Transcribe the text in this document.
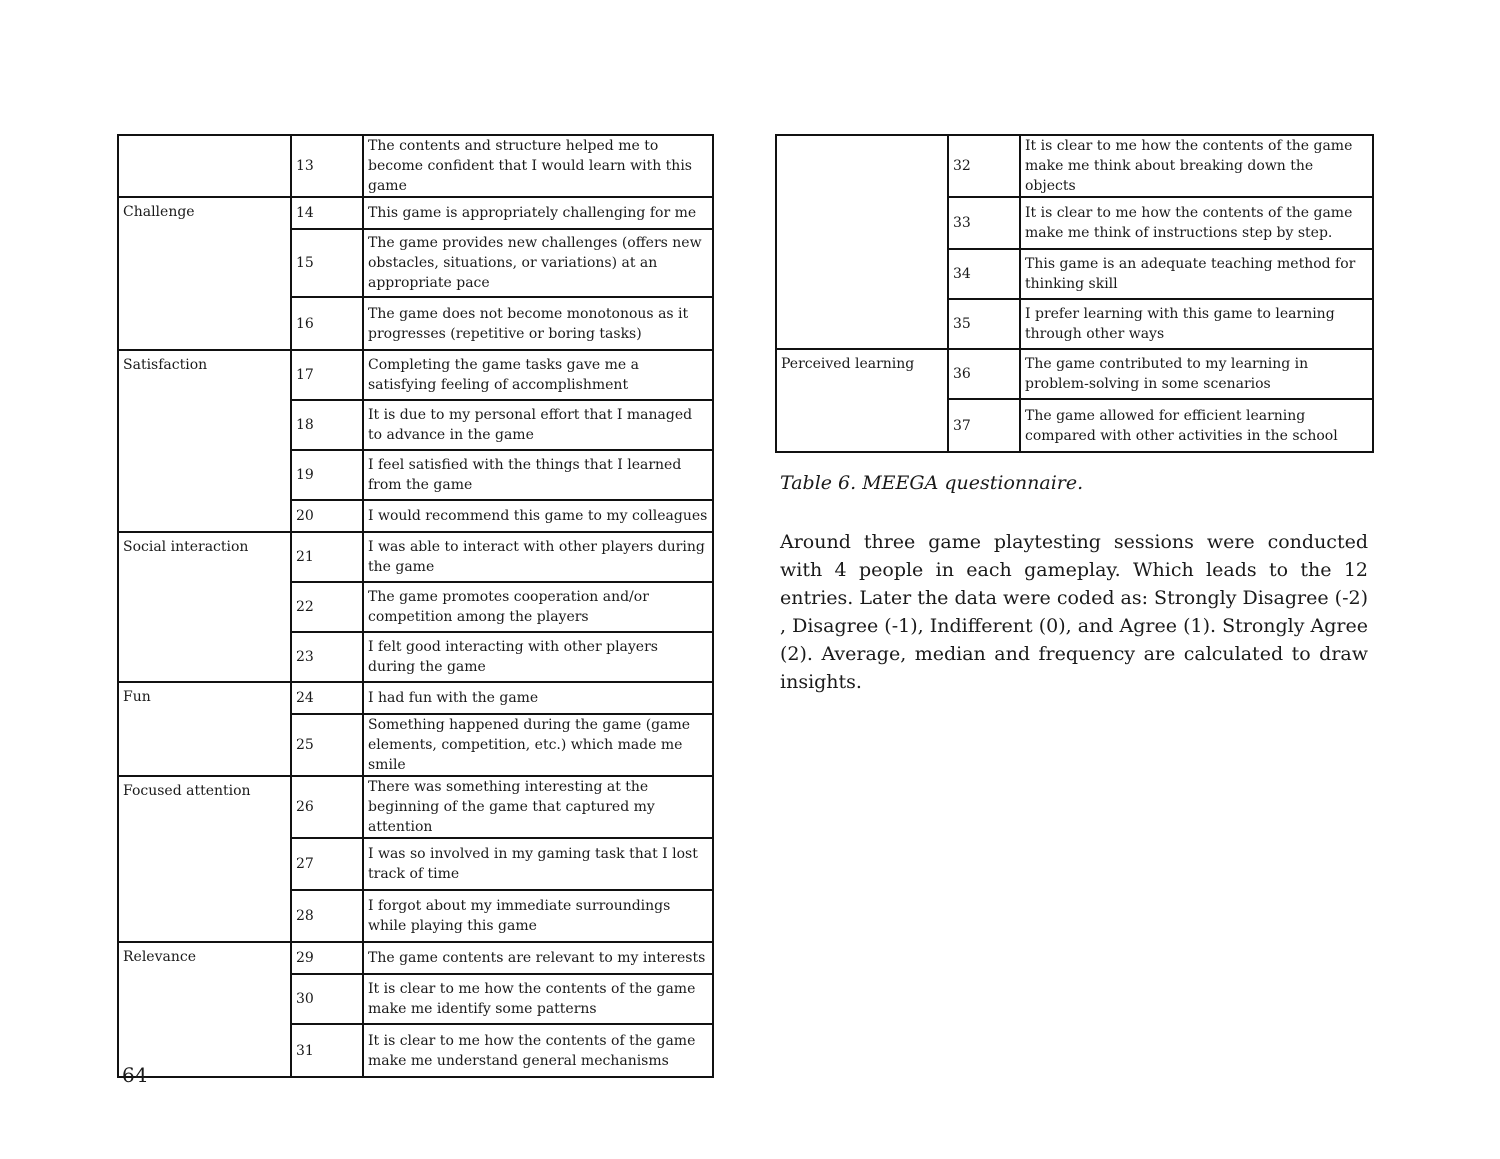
	13	The contents and structure helped me to become confident that I would learn with this game
Challenge	14	This game is appropriately challenging for me
	15	The game provides new challenges (offers new obstacles, situations, or variations) at an appropriate pace
	16	The game does not become monotonous as it progresses (repetitive or boring tasks)
Satisfaction	17	Completing the game tasks gave me a satisfying feeling of accomplishment
	18	It is due to my personal effort that I managed to advance in the game
	19	I feel satisfied with the things that I learned from the game
	20	I would recommend this game to my colleagues
Social interaction	21	I was able to interact with other players during the game
	22	The game promotes cooperation and/or competition among the players
	23	I felt good interacting with other players during the game
Fun	24	I had fun with the game
	25	Something happened during the game (game elements, competition, etc.) which made me smile
Focused attention	26	There was something interesting at the beginning of the game that captured my attention
	27	I was so involved in my gaming task that I lost track of time
	28	I forgot about my immediate surroundings while playing this game
Relevance	29	The game contents are relevant to my interests
	30	It is clear to me how the contents of the game make me identify some patterns
	31	It is clear to me how the contents of the game make me understand general mechanisms
	32	It is clear to me how the contents of the game make me think about breaking down the objects
	33	It is clear to me how the contents of the game make me think of instructions step by step.
	34	This game is an adequate teaching method for thinking skill
	35	I prefer learning with this game to learning through other ways
Perceived learning	36	The game contributed to my learning in problem-solving in some scenarios
	37	The game allowed for efficient learning compared with other activities in the school
Table 6. MEEGA questionnaire.

Around three game playtesting sessions were conducted with 4 people in each gameplay. Which leads to the 12 entries. Later the data were coded as: Strongly Disagree (-2) , Disagree (-1), Indifferent (0), and Agree (1). Strongly Agree (2). Average, median and frequency are calculated to draw insights.

64
